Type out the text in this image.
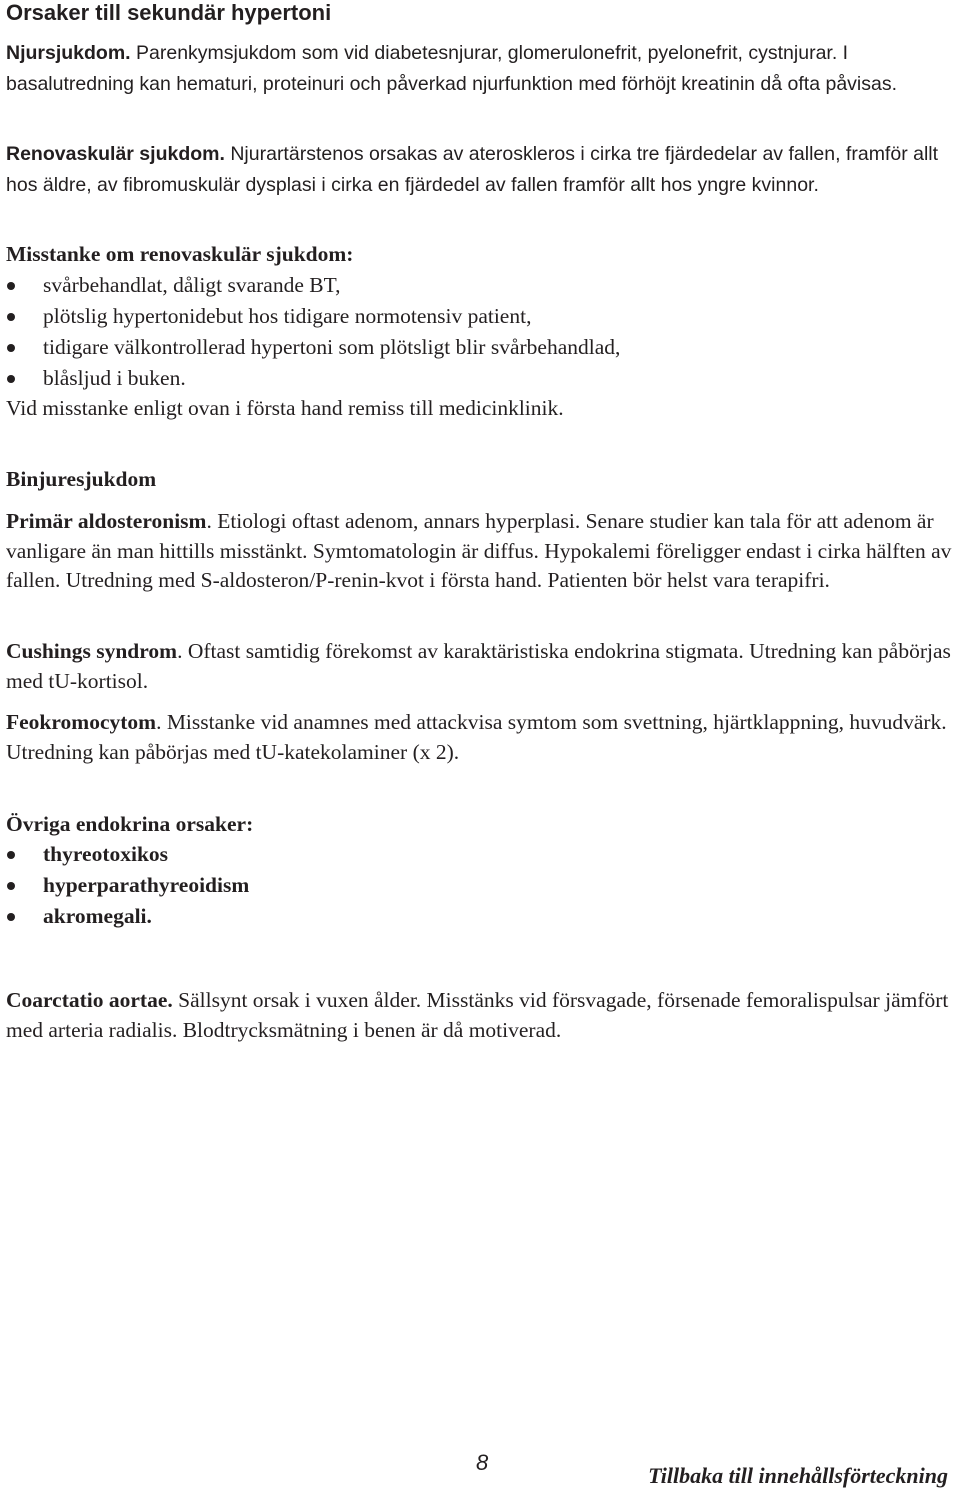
Orsaker till sekundär hypertoni

Njursjukdom. Parenkymsjukdom som vid diabetesnjurar, glomerulonefrit, pyelonefrit, cystnjurar. I basalutredning kan hematuri, proteinuri och påverkad njurfunktion med förhöjt kreatinin då ofta påvisas.

Renovaskulär sjukdom. Njurartärstenos orsakas av ateroskleros i cirka tre fjärdedelar av fallen, framför allt hos äldre, av fibromuskulär dysplasi i cirka en fjärdedel av fallen framför allt hos yngre kvinnor.

Misstanke om renovaskulär sjukdom:

svårbehandlat, dåligt svarande BT,
plötslig hypertonidebut hos tidigare normotensiv patient,
tidigare välkontrollerad hypertoni som plötsligt blir svårbehandlad,
blåsljud i buken.

Vid misstanke enligt ovan i första hand remiss till medicinklinik.

Binjuresjukdom

Primär aldosteronism. Etiologi oftast adenom, annars hyperplasi. Senare studier kan tala för att adenom är vanligare än man hittills misstänkt. Symtomatologin är diffus. Hypokalemi föreligger endast i cirka hälften av fallen. Utredning med S-aldosteron/P-renin-kvot i första hand. Patienten bör helst vara terapifri.

Cushings syndrom. Oftast samtidig förekomst av karaktäristiska endokrina stigmata. Utredning kan påbörjas med tU-kortisol.

Feokromocytom. Misstanke vid anamnes med attackvisa symtom som svettning, hjärtklappning, huvudvärk. Utredning kan påbörjas med tU-katekolaminer (x 2).

Övriga endokrina orsaker:

thyreotoxikos
hyperparathyreoidism
akromegali.

Coarctatio aortae. Sällsynt orsak i vuxen ålder. Misstänks vid försvagade, försenade femoralispulsar jämfört med arteria radialis. Blodtrycksmätning i benen är då motiverad.

8
Tillbaka till innehållsförteckning
